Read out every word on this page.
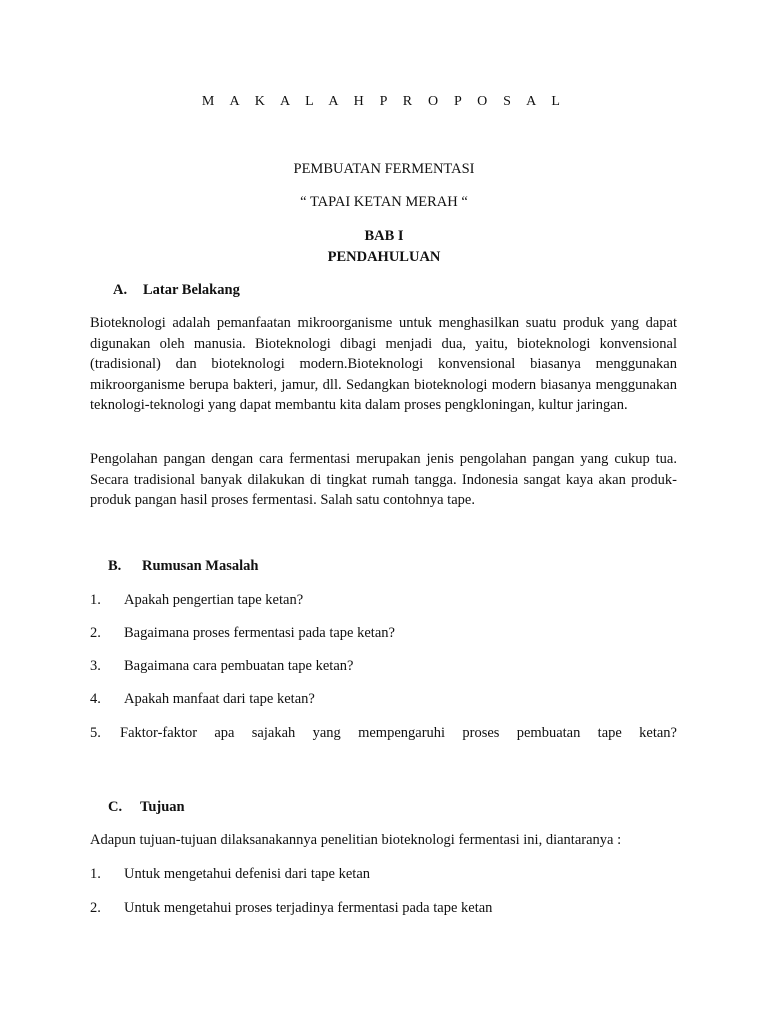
M A K A L A H P R O P O S A L
PEMBUATAN FERMENTASI
“ TAPAI KETAN MERAH “
BAB I
PENDAHULUAN
A. Latar Belakang

Bioteknologi adalah pemanfaatan mikroorganisme untuk menghasilkan suatu produk yang dapat digunakan oleh manusia. Bioteknologi dibagi menjadi dua, yaitu, bioteknologi konvensional (tradisional) dan bioteknologi modern.Bioteknologi konvensional biasanya menggunakan mikroorganisme berupa bakteri, jamur, dll. Sedangkan bioteknologi modern biasanya menggunakan teknologi-teknologi yang dapat membantu kita dalam proses pengkloningan, kultur jaringan.

Pengolahan pangan dengan cara fermentasi merupakan jenis pengolahan pangan yang cukup tua. Secara tradisional banyak dilakukan di tingkat rumah tangga. Indonesia sangat kaya akan produk-produk pangan hasil proses fermentasi. Salah satu contohnya tape.

B. Rumusan Masalah
1. Apakah pengertian tape ketan?
2. Bagaimana proses fermentasi pada tape ketan?
3. Bagaimana cara pembuatan tape ketan?
4. Apakah manfaat dari tape ketan?
5. Faktor-faktor apa sajakah yang mempengaruhi proses pembuatan tape ketan?
C. Tujuan
Adapun tujuan-tujuan dilaksanakannya penelitian bioteknologi fermentasi ini, diantaranya :
1. Untuk mengetahui defenisi dari tape ketan
2. Untuk mengetahui proses terjadinya fermentasi pada tape ketan
